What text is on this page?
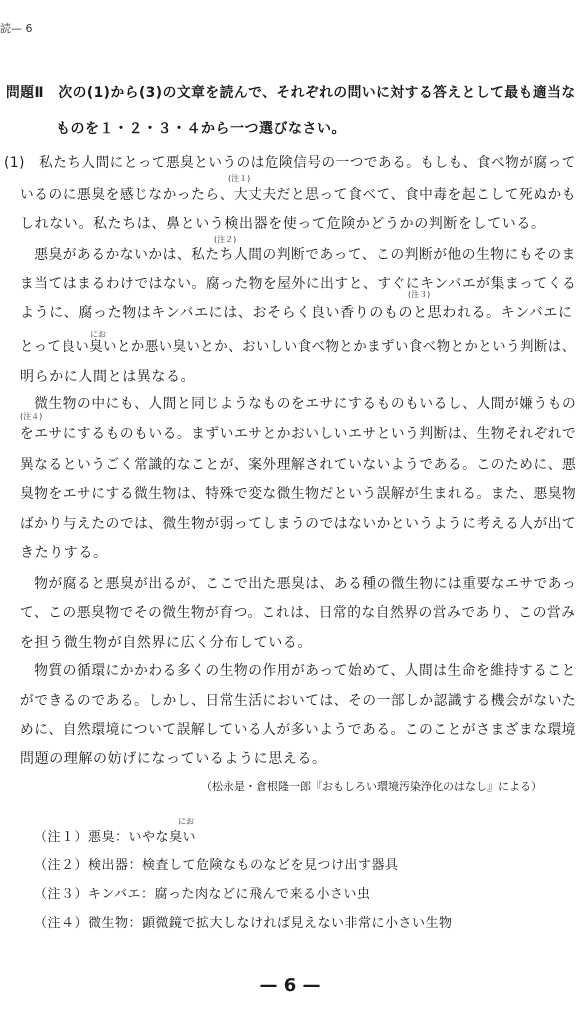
読— 6
問題Ⅱ　次の(1)から(3)の文章を読んで、それぞれの問いに対する答えとして最も適当な
ものを１・２・３・４から一つ選びなさい。
(注１)
(注２)
(注３)
にお
(注４)
にお
(1)　私たち人間にとって悪臭というのは危険信号の一つである。もしも、食べ物が腐って
いるのに悪臭を感じなかったら、大丈夫だと思って食べて、食中毒を起こして死ぬかも
しれない。私たちは、鼻という検出器を使って危険かどうかの判断をしている。
　悪臭があるかないかは、私たち人間の判断であって、この判断が他の生物にもそのま
ま当てはまるわけではない。腐った物を屋外に出すと、すぐにキンバエが集まってくる
ように、腐った物はキンバエには、おそらく良い香りのものと思われる。キンバエに
とって良い臭いとか悪い臭いとか、おいしい食べ物とかまずい食べ物とかという判断は、
明らかに人間とは異なる。
　微生物の中にも、人間と同じようなものをエサにするものもいるし、人間が嫌うもの
をエサにするものもいる。まずいエサとかおいしいエサという判断は、生物それぞれで
異なるというごく常識的なことが、案外理解されていないようである。このために、悪
臭物をエサにする微生物は、特殊で変な微生物だという誤解が生まれる。また、悪臭物
ばかり与えたのでは、微生物が弱ってしまうのではないかというように考える人が出て
きたりする。
　物が腐ると悪臭が出るが、ここで出た悪臭は、ある種の微生物には重要なエサであっ
て、この悪臭物でその微生物が育つ。これは、日常的な自然界の営みであり、この営み
を担う微生物が自然界に広く分布している。
　物質の循環にかかわる多くの生物の作用があって始めて、人間は生命を維持すること
ができるのである。しかし、日常生活においては、その一部しか認識する機会がないた
めに、自然環境について誤解している人が多いようである。このことがさまざまな環境
問題の理解の妨げになっているように思える。
（松永是・倉根隆一郎『おもしろい環境汚染浄化のはなし』による）
（注１）悪臭：いやな臭い
（注２）検出器：検査して危険なものなどを見つけ出す器具
（注３）キンバエ：腐った肉などに飛んで来る小さい虫
（注４）微生物：顕微鏡で拡大しなければ見えない非常に小さい生物
— 6 —
